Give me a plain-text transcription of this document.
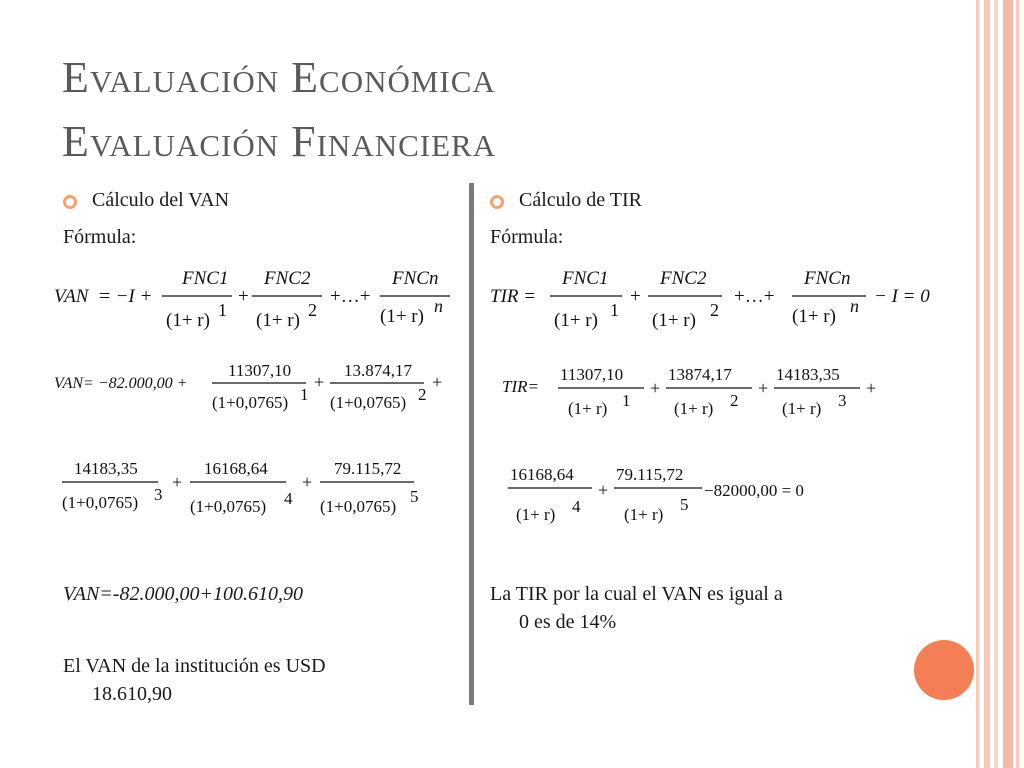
Evaluación Económica
Evaluación Financiera
Cálculo del VAN
Fórmula:
VAN = −I +
FNC1
(1+ r) 1
+
FNC2
(1+ r) 2
+…+
FNCn
(1+ r) n
VAN= −82.000,00 +
11307,10
(1+0,0765) 1
+
13.874,17
(1+0,0765) 2
+
14183,35
(1+0,0765) 3
+
16168,64
(1+0,0765) 4
+
79.115,72
(1+0,0765)
5
VAN=-82.000,00+100.610,90
El VAN de la institución es USD
18.610,90
Cálculo de TIR
Fórmula:
TIR =
FNC1
(1+ r) 1
+
FNC2
(1+ r) 2
+…+
FNCn
(1+ r) n − I = 0
TIR=
11307,10
(1+ r) 1
+
13874,17
(1+ r) 2
+
14183,35
(1+ r) 3
+
16168,64
(1+ r) 4
+
79.115,72
(1+ r)
5
−82000,00 = 0
La TIR por la cual el VAN es igual a
0 es de 14%
